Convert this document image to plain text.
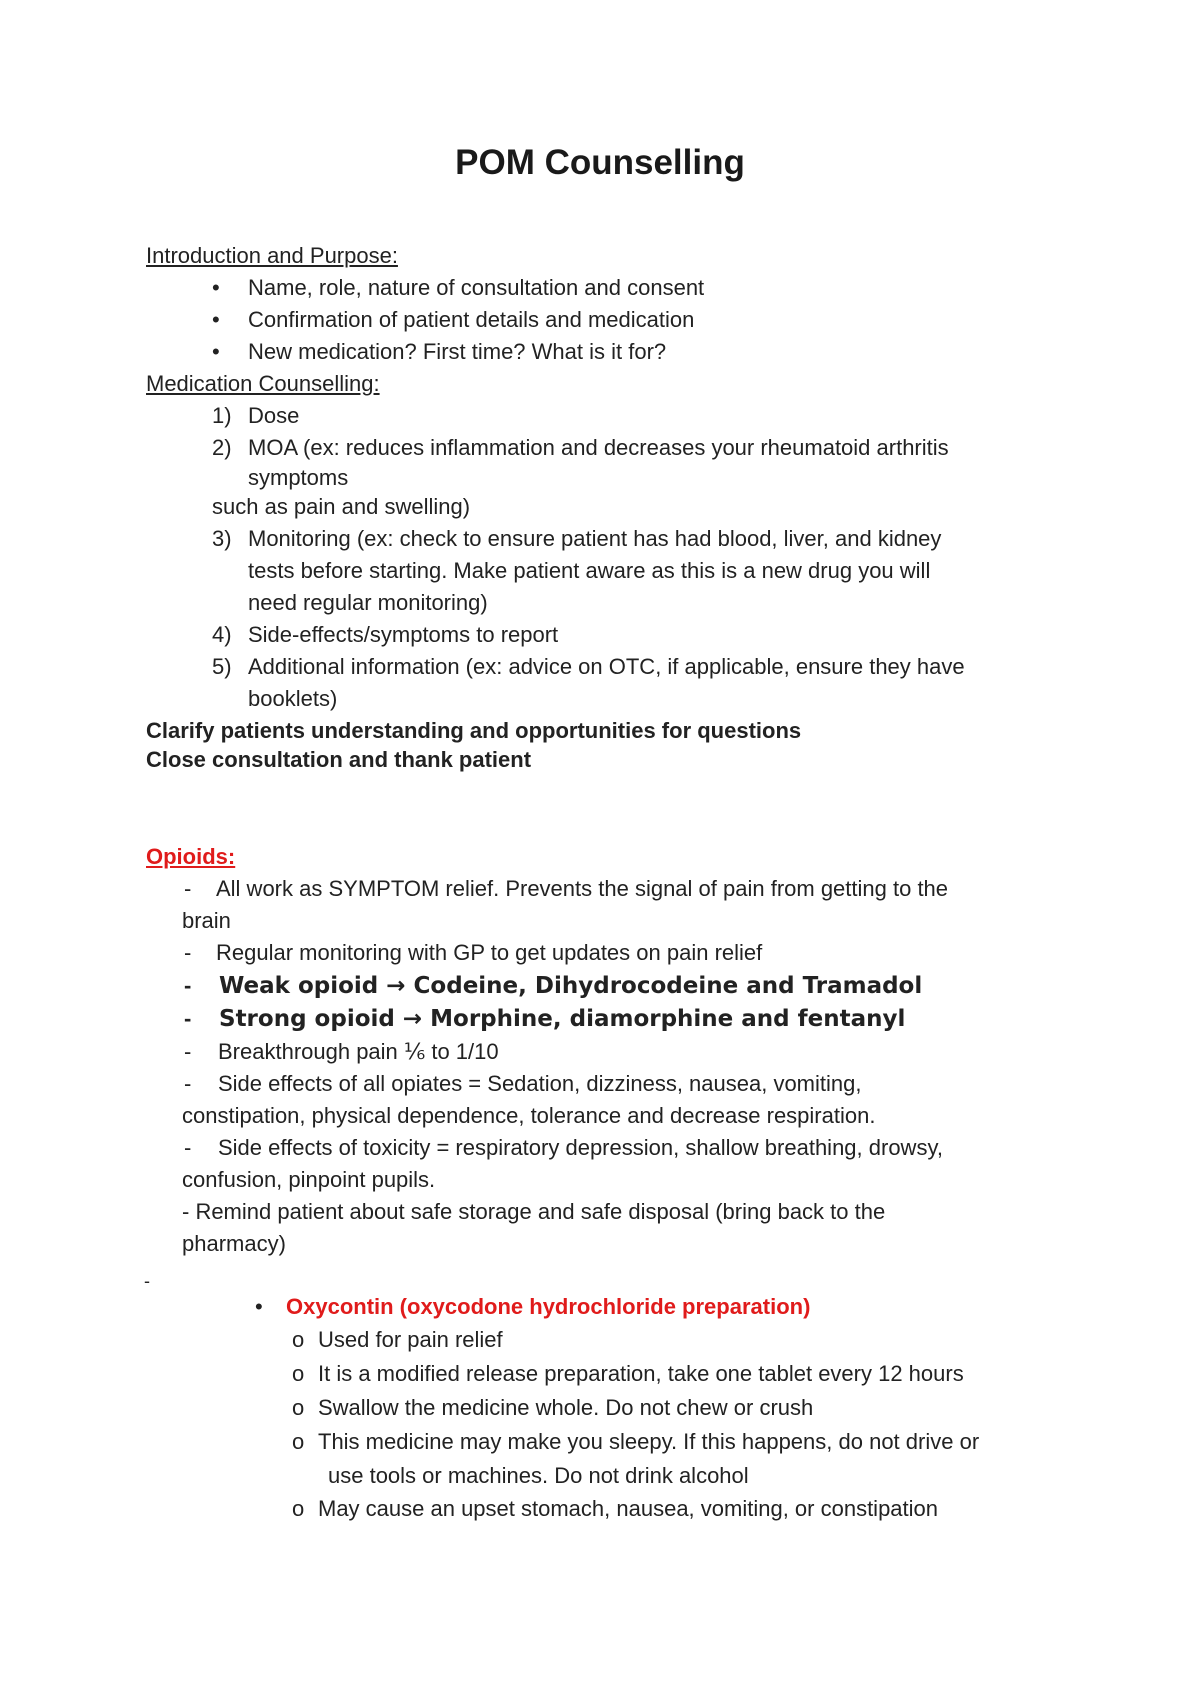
POM Counselling
Introduction and Purpose:
• Name, role, nature of consultation and consent
• Confirmation of patient details and medication
• New medication? First time? What is it for?
Medication Counselling:
1) Dose
2) MOA (ex: reduces inflammation and decreases your rheumatoid arthritis
symptoms
such as pain and swelling)
3) Monitoring (ex: check to ensure patient has had blood, liver, and kidney
tests before starting. Make patient aware as this is a new drug you will
need regular monitoring)
4) Side-effects/symptoms to report
5) Additional information (ex: advice on OTC, if applicable, ensure they have
booklets)
Clarify patients understanding and opportunities for questions
Close consultation and thank patient
Opioids:
- All work as SYMPTOM relief. Prevents the signal of pain from getting to the
brain
- Regular monitoring with GP to get updates on pain relief
- Weak opioid → Codeine, Dihydrocodeine and Tramadol
- Strong opioid → Morphine, diamorphine and fentanyl
- Breakthrough pain ⅙ to 1/10
- Side effects of all opiates = Sedation, dizziness, nausea, vomiting,
constipation, physical dependence, tolerance and decrease respiration.
- Side effects of toxicity = respiratory depression, shallow breathing, drowsy,
confusion, pinpoint pupils.
- Remind patient about safe storage and safe disposal (bring back to the
pharmacy)
-
• Oxycontin (oxycodone hydrochloride preparation)
o Used for pain relief
o It is a modified release preparation, take one tablet every 12 hours
o Swallow the medicine whole. Do not chew or crush
o This medicine may make you sleepy. If this happens, do not drive or
use tools or machines. Do not drink alcohol
o May cause an upset stomach, nausea, vomiting, or constipation
